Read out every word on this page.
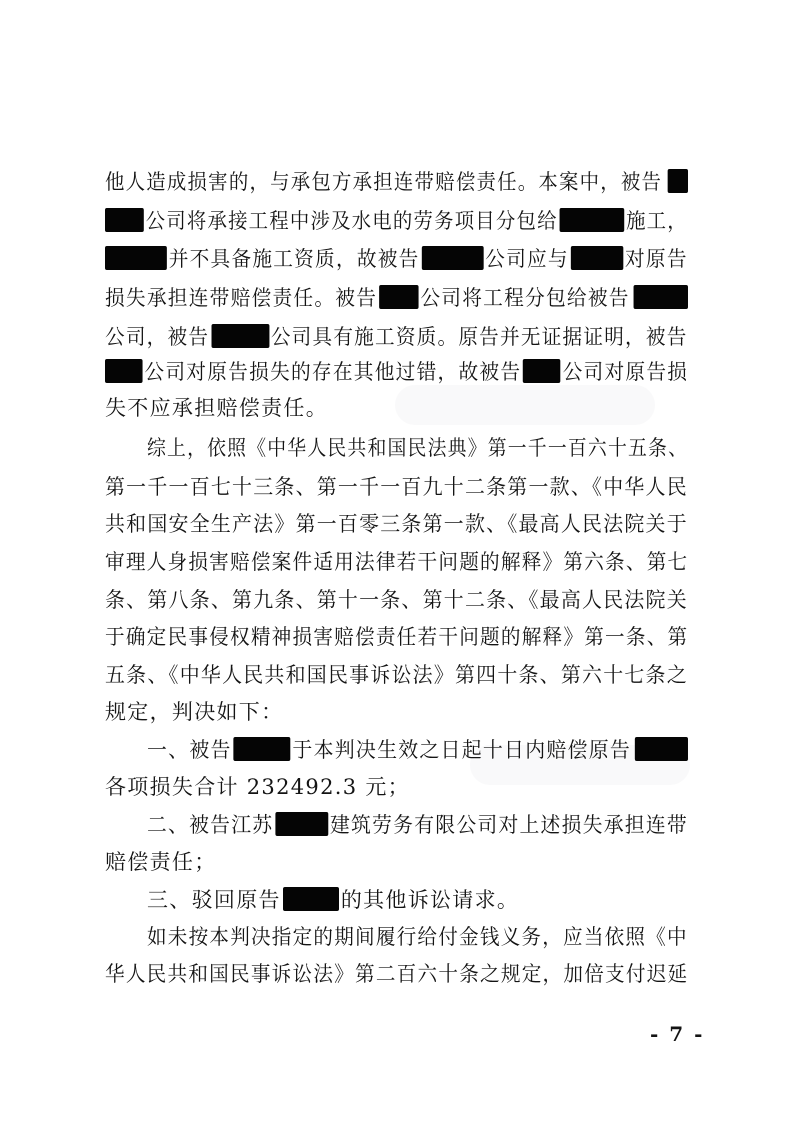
他人造成损害的，与承包方承担连带赔偿责任。本案中，被告
公司将承接工程中涉及水电的劳务项目分包给	施工，
并不具备施工资质，故被告	公司应与	对原告
损失承担连带赔偿责任。被告 公司将工程分包给被告
公司，被告	公司具有施工资质。原告并无证据证明，被告
公司对原告损失的存在其他过错，故被告 公司对原告损
失不应承担赔偿责任。
综上，依照《中华人民共和国民法典》第一千一百六十五条、
第一千一百七十三条、第一千一百九十二条第一款、《中华人民
共和国安全生产法》第一百零三条第一款、《最高人民法院关于
审理人身损害赔偿案件适用法律若干问题的解释》第六条、第七
条、第八条、第九条、第十一条、第十二条、《最高人民法院关
于确定民事侵权精神损害赔偿责任若干问题的解释》第一条、第
五条、《中华人民共和国民事诉讼法》第四十条、第六十七条之
规定，判决如下：
一、被告	于本判决生效之日起十日内赔偿原告
各项损失合计 232492.3 元；
二、被告江苏	建筑劳务有限公司对上述损失承担连带
赔偿责任；
三、驳回原告	的其他诉讼请求。
如未按本判决指定的期间履行给付金钱义务，应当依照《中
华人民共和国民事诉讼法》第二百六十条之规定，加倍支付迟延
- 7 -
